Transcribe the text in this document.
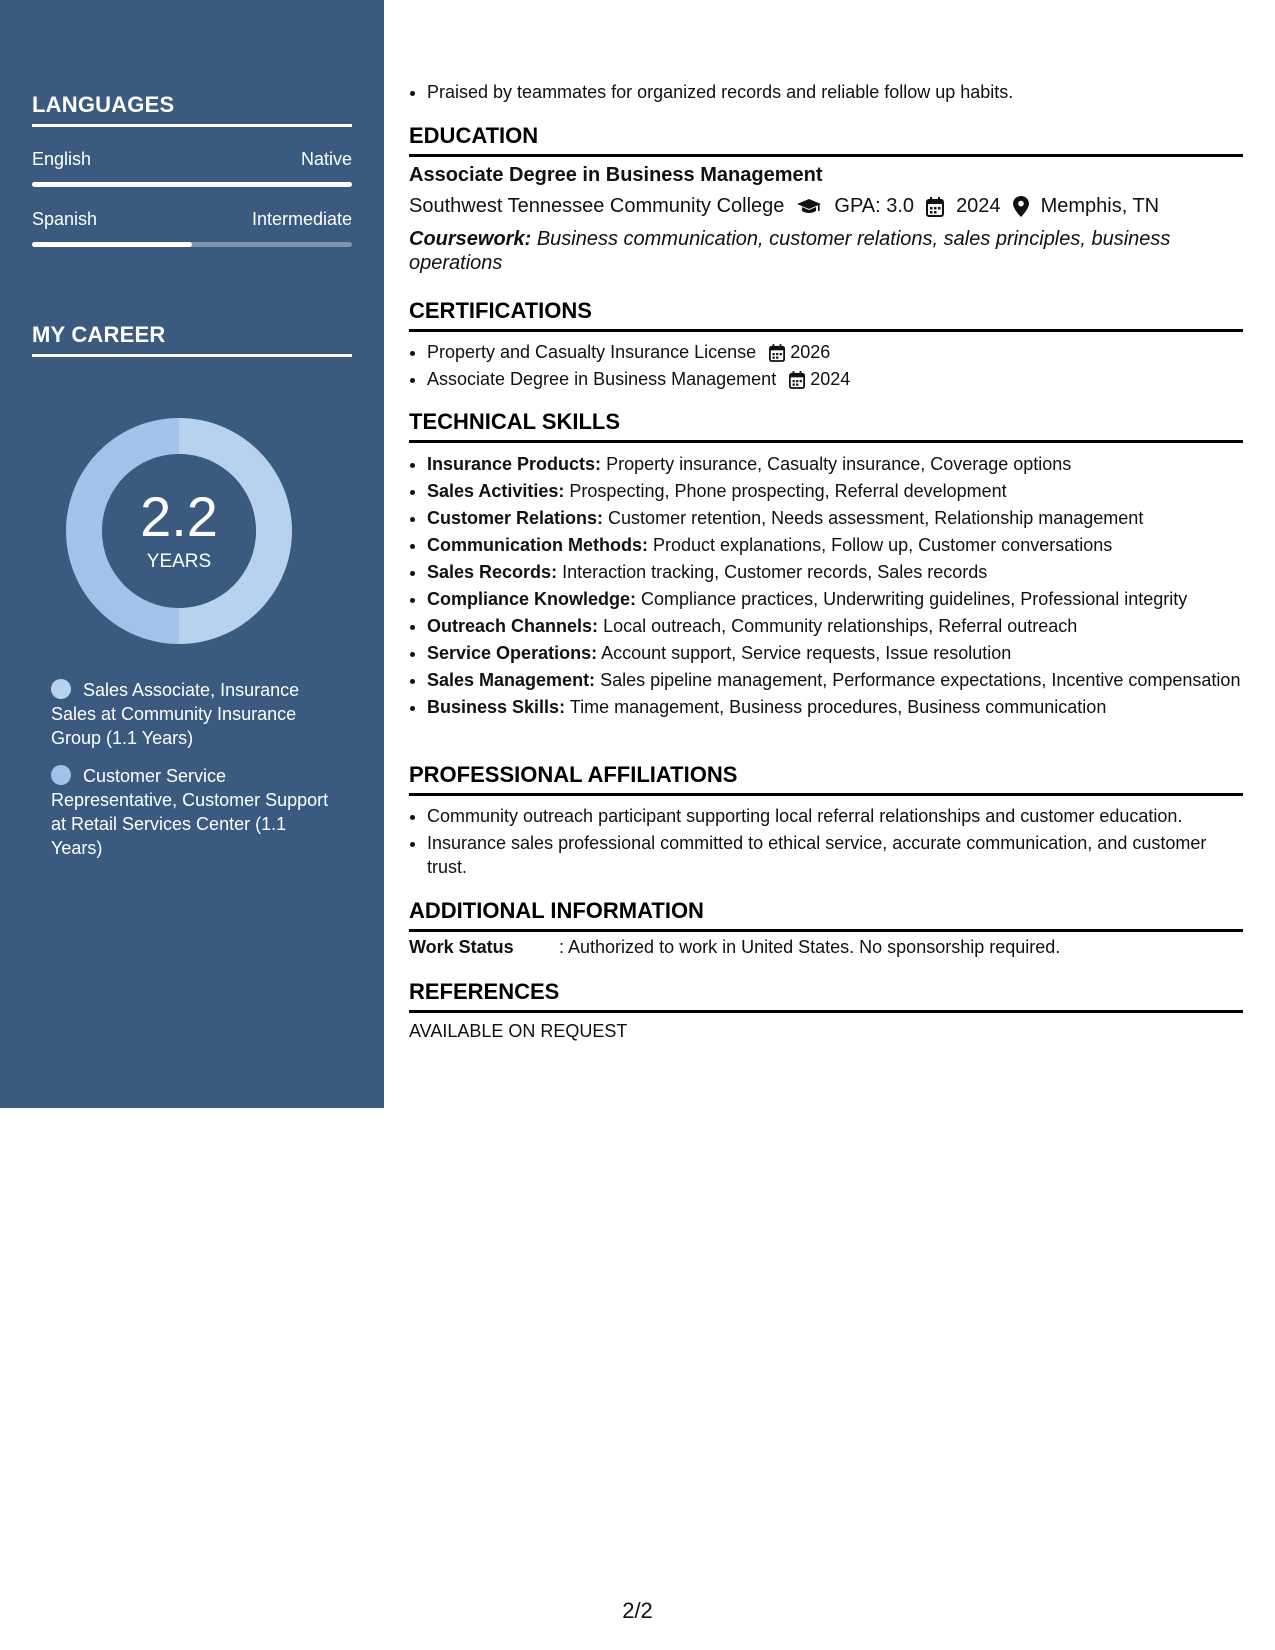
LANGUAGES
English	Native
Spanish	Intermediate
MY CAREER
2.2
YEARS
Sales Associate, Insurance Sales at Community Insurance Group (1.1 Years)
Customer Service Representative, Customer Support at Retail Services Center (1.1 Years)
• Praised by teammates for organized records and reliable follow up habits.
EDUCATION
Associate Degree in Business Management
Southwest Tennessee Community College	GPA: 3.0 2024 Memphis, TN
Coursework: Business communication, customer relations, sales principles, business operations
CERTIFICATIONS
• Property and Casualty Insurance License 2026
• Associate Degree in Business Management 2024
TECHNICAL SKILLS
• Insurance Products: Property insurance, Casualty insurance, Coverage options
• Sales Activities: Prospecting, Phone prospecting, Referral development
• Customer Relations: Customer retention, Needs assessment, Relationship management
• Communication Methods: Product explanations, Follow up, Customer conversations
• Sales Records: Interaction tracking, Customer records, Sales records
• Compliance Knowledge: Compliance practices, Underwriting guidelines, Professional integrity
• Outreach Channels: Local outreach, Community relationships, Referral outreach
• Service Operations: Account support, Service requests, Issue resolution
• Sales Management: Sales pipeline management, Performance expectations, Incentive compensation
• Business Skills: Time management, Business procedures, Business communication
PROFESSIONAL AFFILIATIONS
• Community outreach participant supporting local referral relationships and customer education.
• Insurance sales professional committed to ethical service, accurate communication, and customer trust.
ADDITIONAL INFORMATION
Work Status	: Authorized to work in United States. No sponsorship required.
REFERENCES
AVAILABLE ON REQUEST
2/2
